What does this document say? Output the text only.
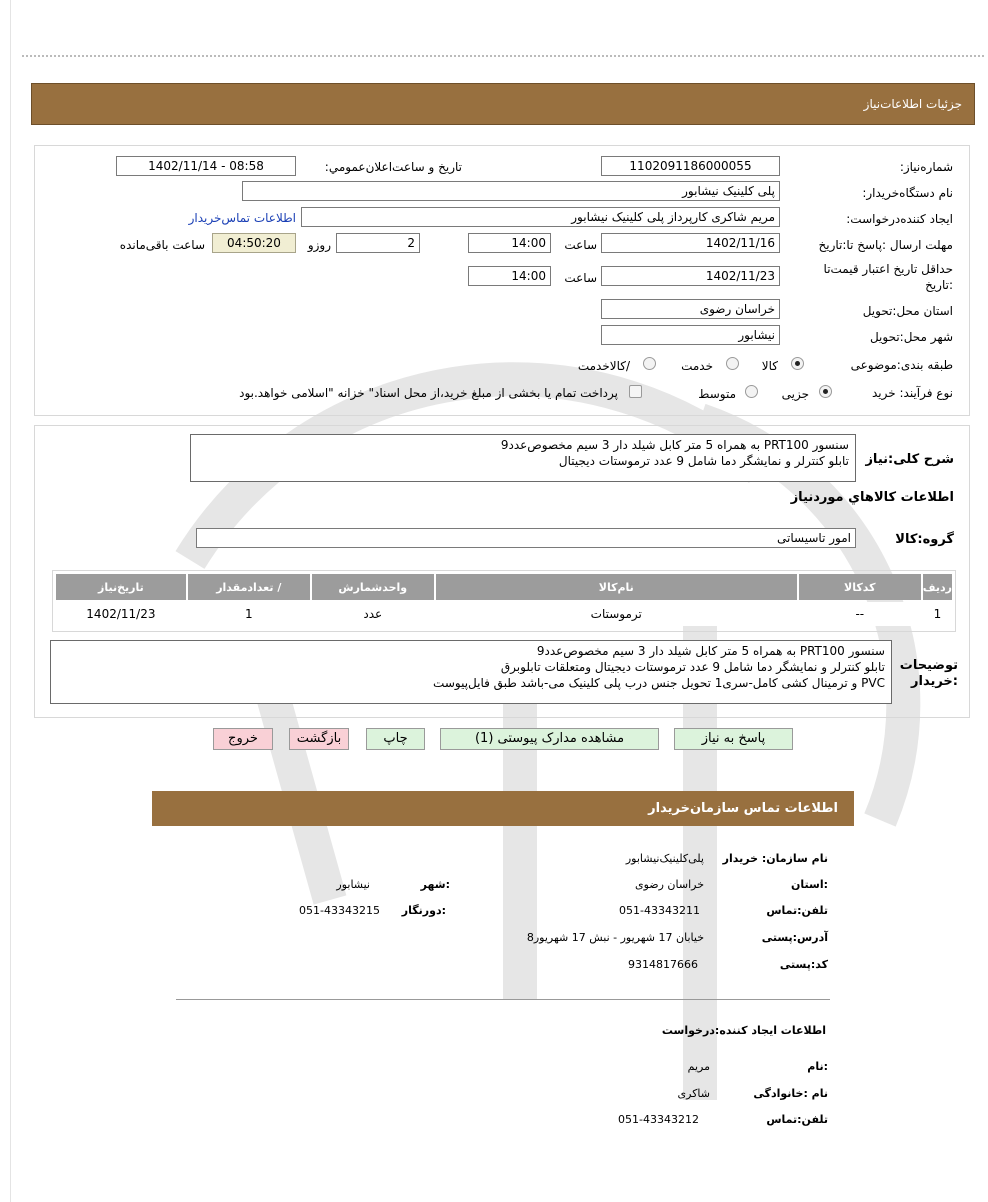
جزئیات اطلاعات‌نیاز
شماره‌نیاز:
1102091186000055
تاریخ و ساعت‌اعلان‌عمومي:
1402/11/14 - 08:58
نام دستگاه‌خریدار:
پلی کلینیک نیشابور
ایجاد کننده‌درخواست:
مریم شاکری کارپرداز پلی کلینیک نیشابور
اطلاعات تماس‌خریدار
مهلت ارسال :پاسخ تا:تاریخ
1402/11/16
ساعت
14:00
2
روزو
04:50:20
ساعت باقی‌مانده
حداقل تاریخ اعتبار قیمت‌تا
:تاریخ
1402/11/23
ساعت
14:00
استان محل:تحویل
خراسان رضوی
شهر محل:تحویل
نیشابور
طبقه بندی:موضوعی
کالا
خدمت
/کالاخدمت
نوع فرآیند: خرید
جزیی
متوسط
پرداخت تمام یا بخشی از مبلغ خرید،از محل اسناد" خزانه "اسلامی خواهد.بود
شرح کلی:نیاز
سنسور PRT100 به همراه 5 متر کابل شیلد دار 3 سیم مخصوص‌عدد9
تابلو کنترلر و نمایشگر دما شامل 9 عدد ترموستات دیجیتال
اطلاعات کالاهاي مورد‌نیاز
گروه:کالا
امور تاسیساتی
ردیف	کدکالا	نام‌کالا	واحدشمارش	/ تعدادمقدار	تاریخ‌نیاز
1	--	ترموستات	عدد	1	1402/11/23
توضیحات
:خریدار
سنسور PRT100 به همراه 5 متر کابل شیلد دار 3 سیم مخصوص‌عدد9
تابلو کنترلر و نمایشگر دما شامل 9 عدد ترموستات دیجیتال ومتعلقات تابلوبرق
PVC و ترمینال کشی کامل-سری1 تحویل جنس درب پلی کلینیک می-باشد طبق فایل‌پیوست
پاسخ به نیاز
مشاهده مدارک پیوستی (1)
چاپ
بازگشت
خروج
اطلاعات تماس سازمان‌خریدار
نام سازمان: خریدار
پلی‌کلینیک‌نیشابور
:استان
خراسان رضوی
:شهر
نیشابور
تلفن:تماس
051-43343211
:دورنگار
051-43343215
آدرس:پستی
خیابان 17 شهریور - نبش 17 شهریور8
کد:پستی
9314817666
اطلاعات ایجاد کننده:درخواست
:نام
مریم
نام :خانوادگی
شاکری
تلفن:تماس
051-43343212
